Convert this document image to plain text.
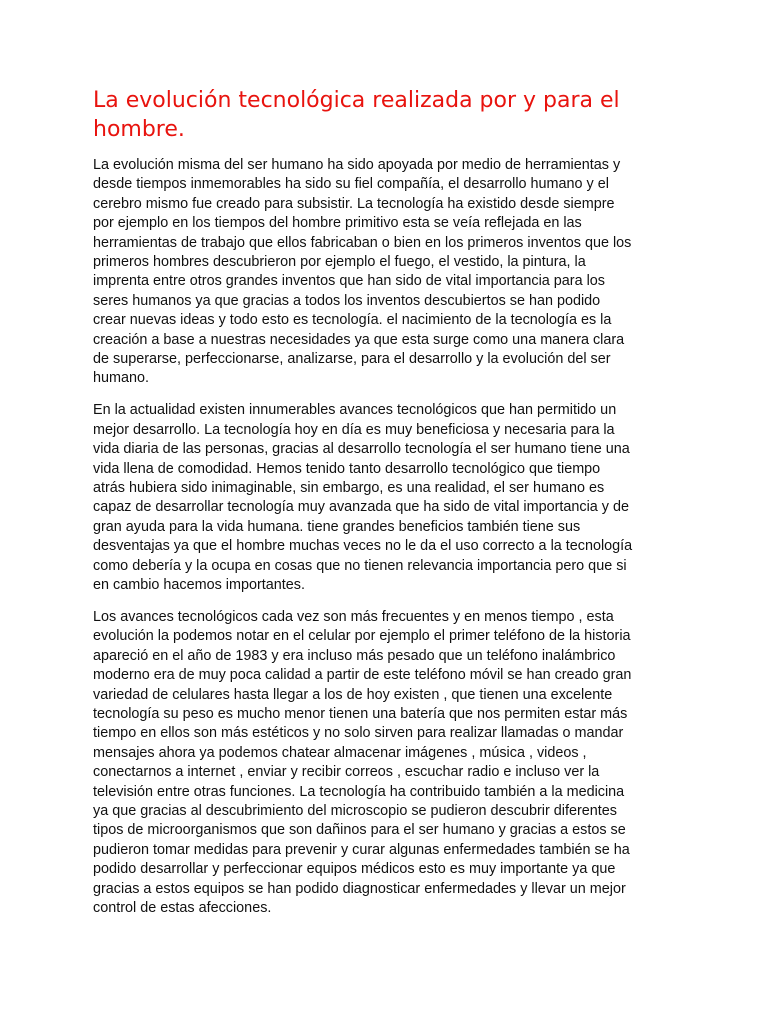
La evolución tecnológica realizada por y para el hombre.

La evolución misma del ser humano ha sido apoyada por medio de herramientas y
desde tiempos inmemorables ha sido su fiel compañía, el desarrollo humano y el
cerebro mismo fue creado para subsistir. La tecnología ha existido desde siempre
por ejemplo en los tiempos del hombre primitivo esta se veía reflejada en las
herramientas de trabajo que ellos fabricaban o bien en los primeros inventos que los
primeros hombres descubrieron por ejemplo el fuego, el vestido, la pintura, la
imprenta entre otros grandes inventos que han sido de vital importancia para los
seres humanos ya que gracias a todos los inventos descubiertos se han podido
crear nuevas ideas y todo esto es tecnología. el nacimiento de la tecnología es la
creación a base a nuestras necesidades ya que esta surge como una manera clara
de superarse, perfeccionarse, analizarse, para el desarrollo y la evolución del ser
humano.

En la actualidad existen innumerables avances tecnológicos que han permitido un
mejor desarrollo. La tecnología hoy en día es muy beneficiosa y necesaria para la
vida diaria de las personas, gracias al desarrollo tecnología el ser humano tiene una
vida llena de comodidad. Hemos tenido tanto desarrollo tecnológico que tiempo
atrás hubiera sido inimaginable, sin embargo, es una realidad, el ser humano es
capaz de desarrollar tecnología muy avanzada que ha sido de vital importancia y de
gran ayuda para la vida humana. tiene grandes beneficios también tiene sus
desventajas ya que el hombre muchas veces no le da el uso correcto a la tecnología
como debería y la ocupa en cosas que no tienen relevancia importancia pero que si
en cambio hacemos importantes.

Los avances tecnológicos cada vez son más frecuentes y en menos tiempo , esta
evolución la podemos notar en el celular por ejemplo el primer teléfono de la historia
apareció en el año de 1983 y era incluso más pesado que un teléfono inalámbrico
moderno era de muy poca calidad a partir de este teléfono móvil se han creado gran
variedad de celulares hasta llegar a los de hoy existen , que tienen una excelente
tecnología su peso es mucho menor tienen una batería que nos permiten estar más
tiempo en ellos son más estéticos y no solo sirven para realizar llamadas o mandar
mensajes ahora ya podemos chatear almacenar imágenes , música , videos ,
conectarnos a internet , enviar y recibir correos , escuchar radio e incluso ver la
televisión entre otras funciones. La tecnología ha contribuido también a la medicina
ya que gracias al descubrimiento del microscopio se pudieron descubrir diferentes
tipos de microorganismos que son dañinos para el ser humano y gracias a estos se
pudieron tomar medidas para prevenir y curar algunas enfermedades también se ha
podido desarrollar y perfeccionar equipos médicos esto es muy importante ya que
gracias a estos equipos se han podido diagnosticar enfermedades y llevar un mejor
control de estas afecciones.
